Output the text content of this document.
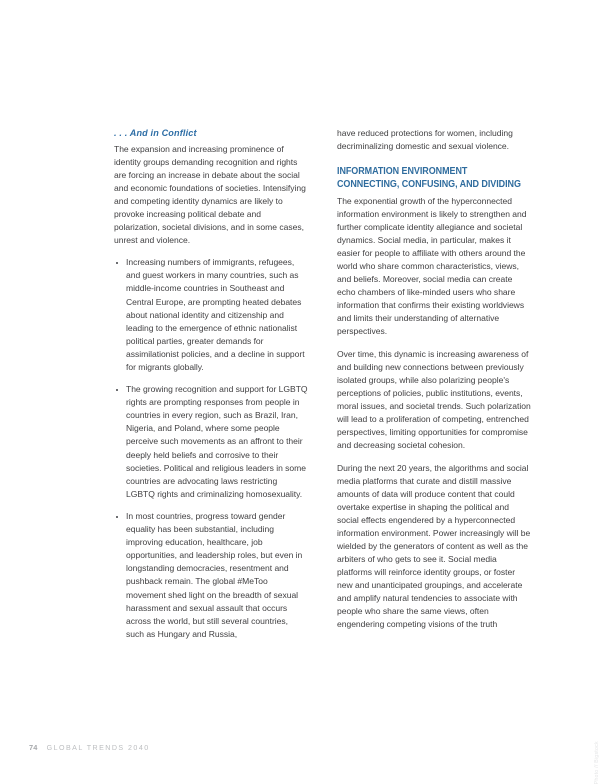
. . . And in Conflict

The expansion and increasing prominence of identity groups demanding recognition and rights are forcing an increase in debate about the social and economic foundations of societies. Intensifying and competing identity dynamics are likely to provoke increasing political debate and polarization, societal divisions, and in some cases, unrest and violence.

Increasing numbers of immigrants, refugees, and guest workers in many countries, such as middle-income countries in Southeast and Central Europe, are prompting heated debates about national identity and citizenship and leading to the emergence of ethnic nationalist political parties, greater demands for assimilationist policies, and a decline in support for migrants globally.
The growing recognition and support for LGBTQ rights are prompting responses from people in countries in every region, such as Brazil, Iran, Nigeria, and Poland, where some people perceive such movements as an affront to their deeply held beliefs and corrosive to their societies. Political and religious leaders in some countries are advocating laws restricting LGBTQ rights and criminalizing homosexuality.
In most countries, progress toward gender equality has been substantial, including improving education, healthcare, job opportunities, and leadership roles, but even in longstanding democracies, resentment and pushback remain. The global #MeToo movement shed light on the breadth of sexual harassment and sexual assault that occurs across the world, but still several countries, such as Hungary and Russia,

have reduced protections for women, including decriminalizing domestic and sexual violence.

INFORMATION ENVIRONMENT CONNECTING, CONFUSING, AND DIVIDING

The exponential growth of the hyperconnected information environment is likely to strengthen and further complicate identity allegiance and societal dynamics. Social media, in particular, makes it easier for people to affiliate with others around the world who share common characteristics, views, and beliefs. Moreover, social media can create echo chambers of like-minded users who share information that confirms their existing worldviews and limits their understanding of alternative perspectives.

Over time, this dynamic is increasing awareness of and building new connections between previously isolated groups, while also polarizing people's perceptions of policies, public institutions, events, moral issues, and societal trends. Such polarization will lead to a proliferation of competing, entrenched perspectives, limiting opportunities for compromise and decreasing societal cohesion.

During the next 20 years, the algorithms and social media platforms that curate and distill massive amounts of data will produce content that could overtake expertise in shaping the political and social effects engendered by a hyperconnected information environment. Power increasingly will be wielded by the generators of content as well as the arbiters of who gets to see it. Social media platforms will reinforce identity groups, or foster new and unanticipated groupings, and accelerate and amplify natural tendencies to associate with people who share the same views, often engendering competing visions of the truth

74 GLOBAL TRENDS 2040	Photo // Bigstock
